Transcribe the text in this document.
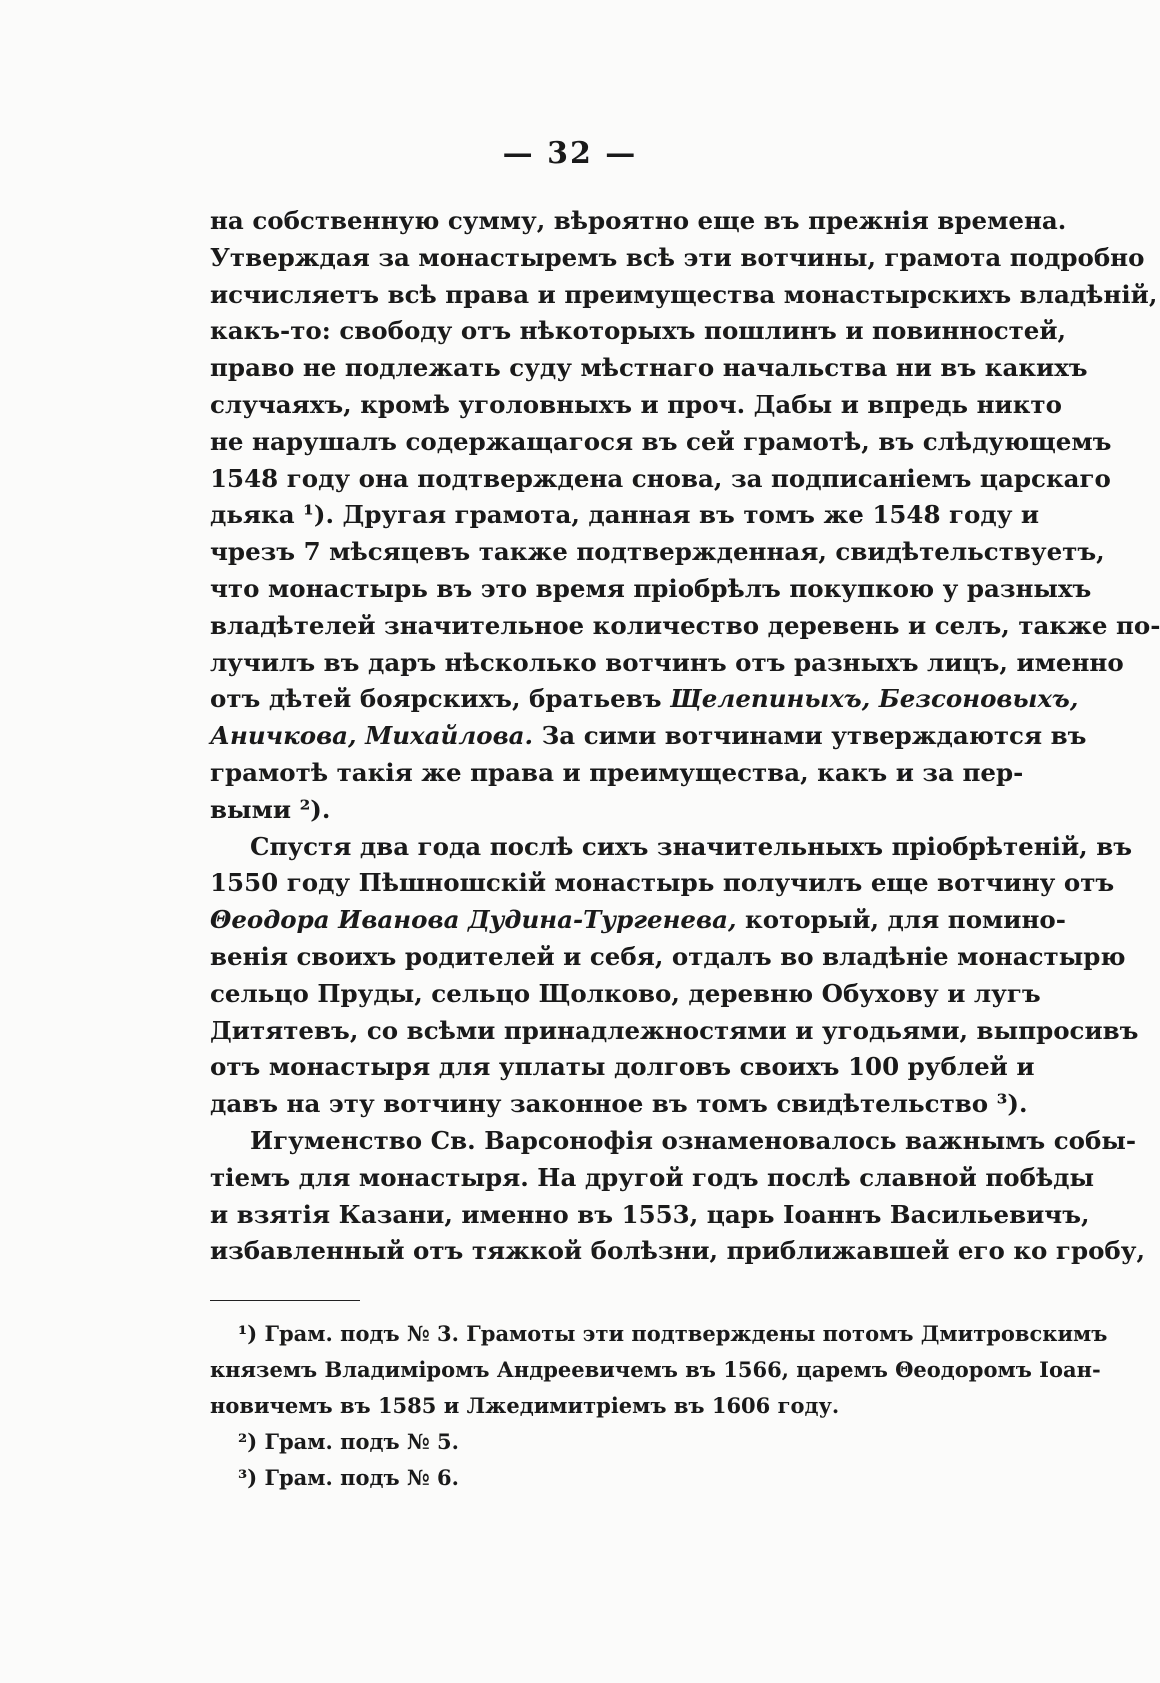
— 32 —
на собственную сумму, вѣроятно еще въ прежнія времена.
Утверждая за монастыремъ всѣ эти вотчины, грамота подробно
исчисляетъ всѣ права и преимущества монастырскихъ владѣній,
какъ-то: свободу отъ нѣкоторыхъ пошлинъ и повинностей,
право не подлежать суду мѣстнаго начальства ни въ какихъ
случаяхъ, кромѣ уголовныхъ и проч. Дабы и впредь никто
не нарушалъ содержащагося въ сей грамотѣ, въ слѣдующемъ
1548 году она подтверждена снова, за подписаніемъ царскаго
дьяка ¹). Другая грамота, данная въ томъ же 1548 году и
чрезъ 7 мѣсяцевъ также подтвержденная, свидѣтельствуетъ,
что монастырь въ это время пріобрѣлъ покупкою у разныхъ
владѣтелей значительное количество деревень и селъ, также по-
лучилъ въ даръ нѣсколько вотчинъ отъ разныхъ лицъ, именно
отъ дѣтей боярскихъ, братьевъ Щелепиныхъ, Безсоновыхъ,
Аничкова, Михайлова. За сими вотчинами утверждаются въ
грамотѣ такія же права и преимущества, какъ и за пер-
выми ²).
Спустя два года послѣ сихъ значительныхъ пріобрѣтеній, въ
1550 году Пѣшношскій монастырь получилъ еще вотчину отъ
Θеодора Иванова Дудина-Тургенева, который, для помино-
венія своихъ родителей и себя, отдалъ во владѣніе монастырю
сельцо Пруды, сельцо Щолково, деревню Обухову и лугъ
Дитятевъ, со всѣми принадлежностями и угодьями, выпросивъ
отъ монастыря для уплаты долговъ своихъ 100 рублей и
давъ на эту вотчину законное въ томъ свидѣтельство ³).
Игуменство Св. Варсонофія ознаменовалось важнымъ собы-
тіемъ для монастыря. На другой годъ послѣ славной побѣды
и взятія Казани, именно въ 1553, царь Іоаннъ Васильевичъ,
избавленный отъ тяжкой болѣзни, приближавшей его ко гробу,
¹) Грам. подъ № 3. Грамоты эти подтверждены потомъ Дмитровскимъ
княземъ Владиміромъ Андреевичемъ въ 1566, царемъ Θеодоромъ Іоан-
новичемъ въ 1585 и Лжедимитріемъ въ 1606 году.
²) Грам. подъ № 5.
³) Грам. подъ № 6.
